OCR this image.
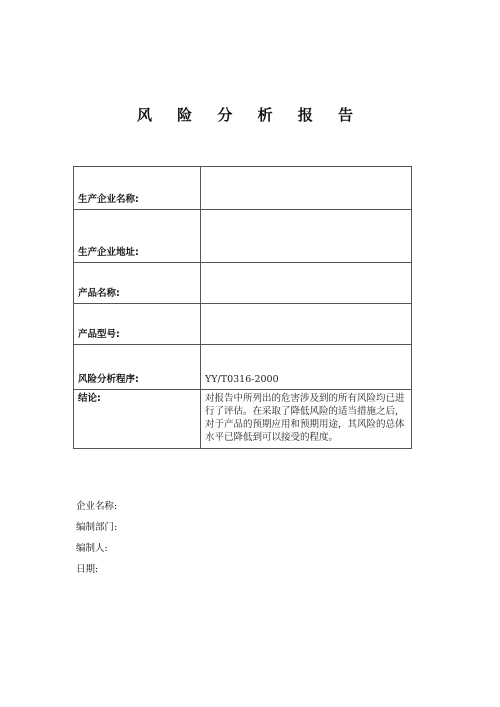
风 险 分 析 报 告
生产企业名称:	
生产企业地址:	
产品名称:	
产品型号:	
风险分析程序:	YY/T0316-2000
结论:	对报告中所列出的危害涉及到的所有风险均已进行了评估。在采取了降低风险的适当措施之后，对于产品的预期应用和预期用途，其风险的总体水平已降低到可以接受的程度。
企业名称:
编制部门:
编制人:
日期:
